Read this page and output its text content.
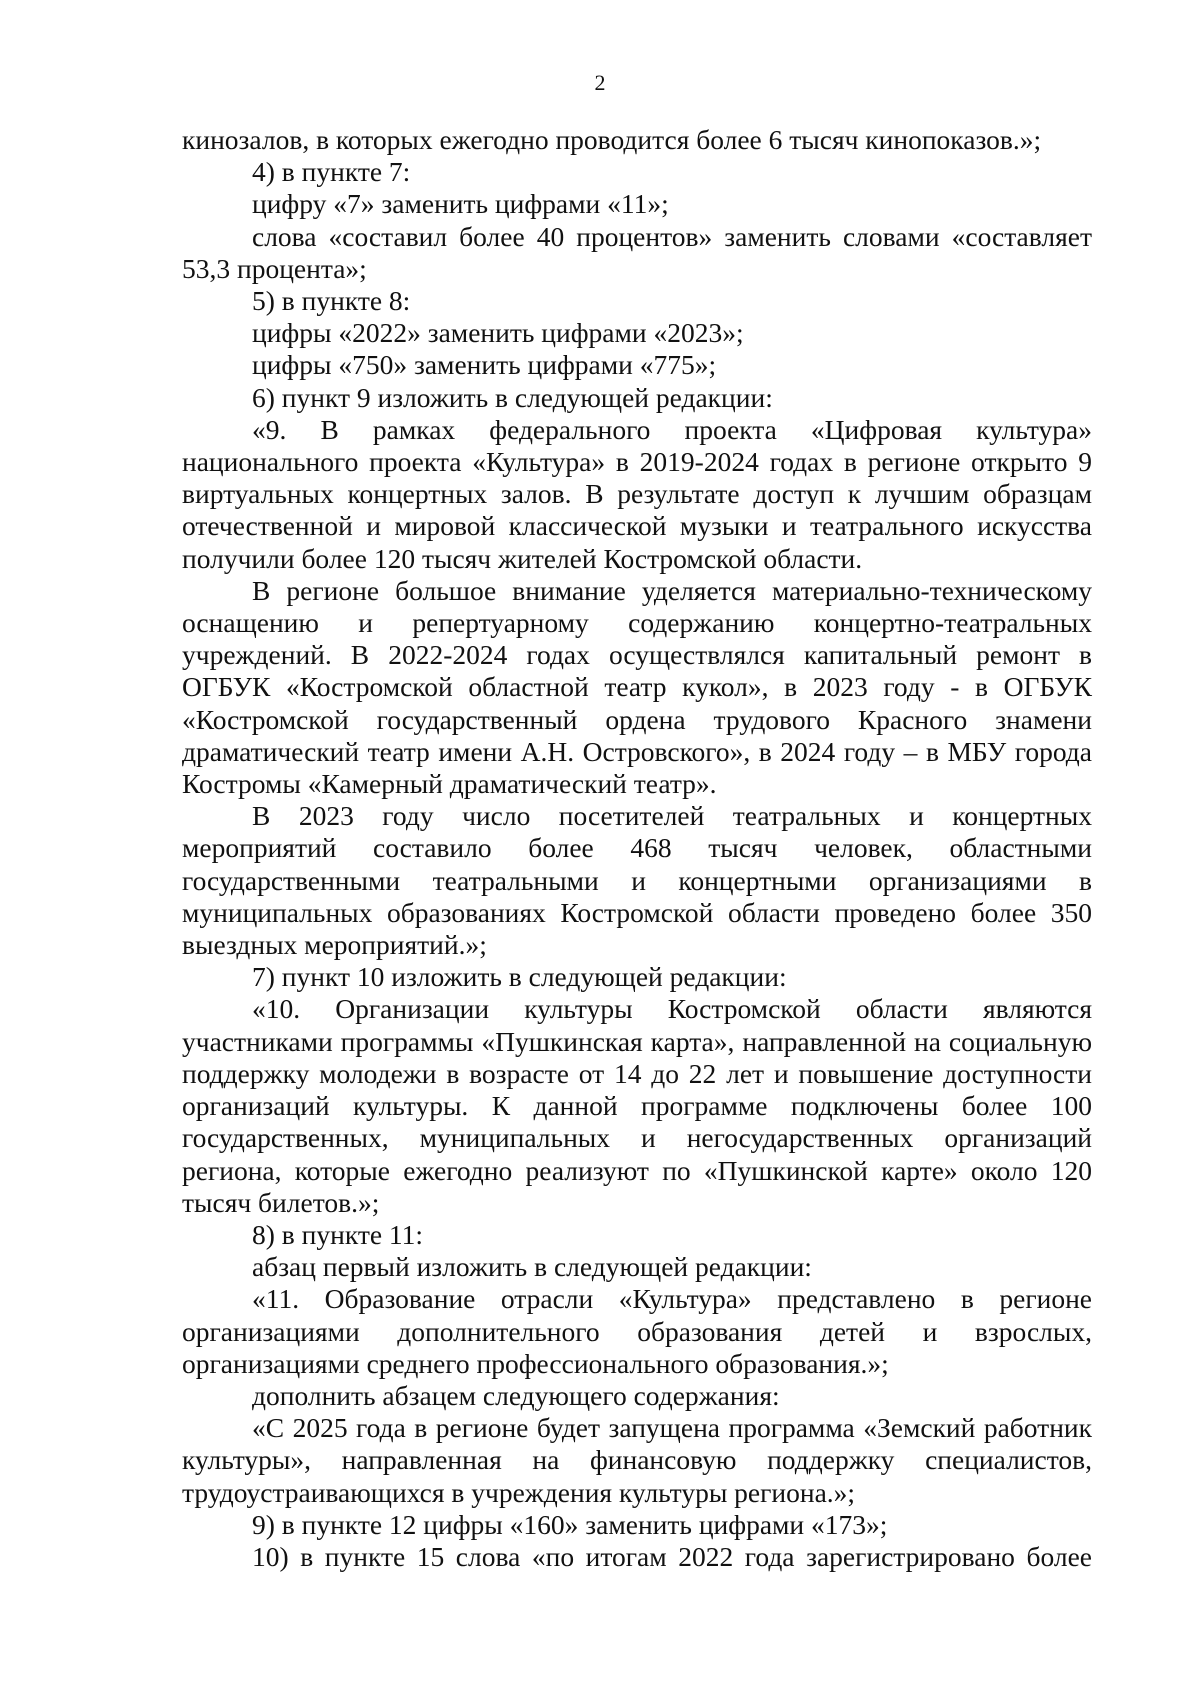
2

кинозалов, в которых ежегодно проводится более 6 тысяч кинопоказов.»;

4) в пункте 7:

цифру «7» заменить цифрами «11»;

слова «составил более 40 процентов» заменить словами «составляет 53,3 процента»;

5) в пункте 8:

цифры «2022» заменить цифрами «2023»;

цифры «750» заменить цифрами «775»;

6) пункт 9 изложить в следующей редакции:

«9. В рамках федерального проекта «Цифровая культура» национального проекта «Культура» в 2019-2024 годах в регионе открыто 9 виртуальных концертных залов. В результате доступ к лучшим образцам отечественной и мировой классической музыки и театрального искусства получили более 120 тысяч жителей Костромской области.

В регионе большое внимание уделяется материально-техническому оснащению и репертуарному содержанию концертно-театральных учреждений. В 2022-2024 годах осуществлялся капитальный ремонт в ОГБУК «Костромской областной театр кукол», в 2023 году - в ОГБУК «Костромской государственный ордена трудового Красного знамени драматический театр имени А.Н. Островского», в 2024 году – в МБУ города Костромы «Камерный драматический театр».

В 2023 году число посетителей театральных и концертных мероприятий составило более 468 тысяч человек, областными государственными театральными и концертными организациями в муниципальных образованиях Костромской области проведено более 350 выездных мероприятий.»;

7) пункт 10 изложить в следующей редакции:

«10. Организации культуры Костромской области являются участниками программы «Пушкинская карта», направленной на социальную поддержку молодежи в возрасте от 14 до 22 лет и повышение доступности организаций культуры. К данной программе подключены более 100 государственных, муниципальных и негосударственных организаций региона, которые ежегодно реализуют по «Пушкинской карте» около 120 тысяч билетов.»;

8) в пункте 11:

абзац первый изложить в следующей редакции:

«11. Образование отрасли «Культура» представлено в регионе организациями дополнительного образования детей и взрослых, организациями среднего профессионального образования.»;

дополнить абзацем следующего содержания:

«С 2025 года в регионе будет запущена программа «Земский работник культуры», направленная на финансовую поддержку специалистов, трудоустраивающихся в учреждения культуры региона.»;

9) в пункте 12 цифры «160» заменить цифрами «173»;

10) в пункте 15 слова «по итогам 2022 года зарегистрировано более
